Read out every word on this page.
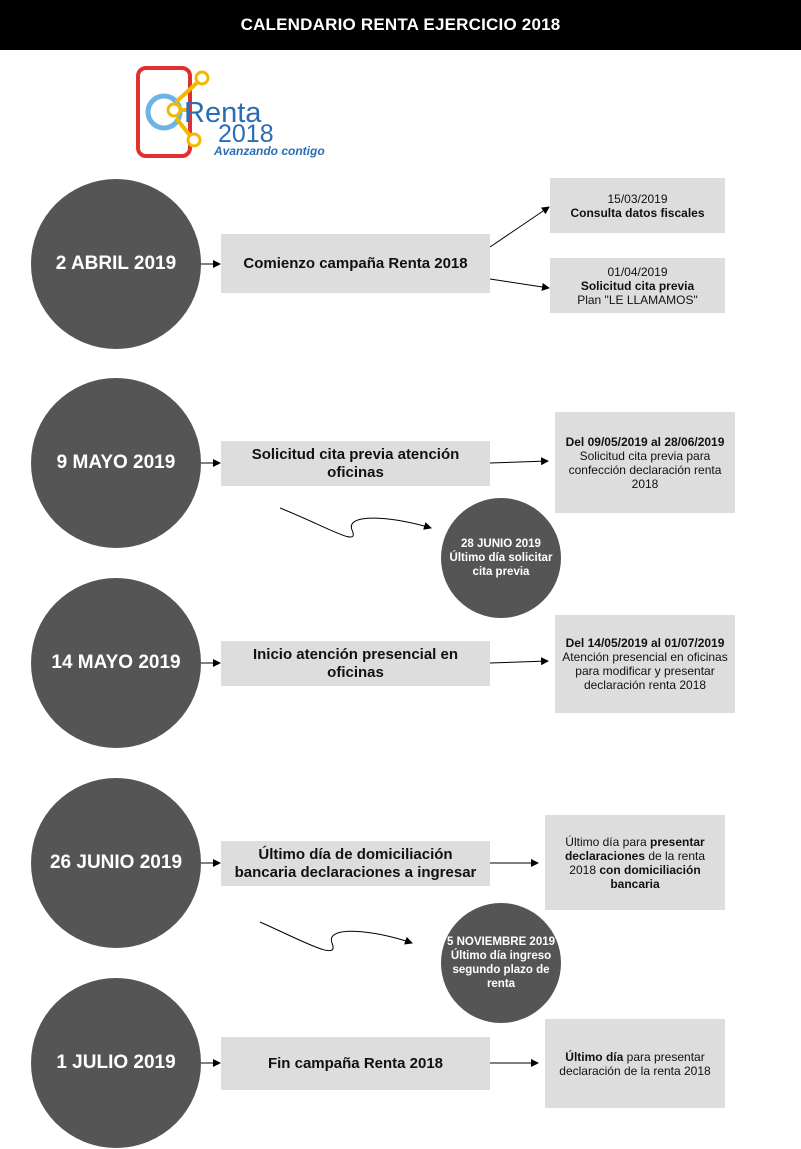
CALENDARIO RENTA EJERCICIO 2018
Renta
2018
Avanzando contigo
2 ABRIL 2019
9 MAYO 2019
14 MAYO 2019
26 JUNIO 2019
1 JULIO 2019
Comienzo campaña Renta 2018
Solicitud cita previa atención oficinas
Inicio atención presencial en oficinas
Último día de domiciliación bancaria declaraciones a ingresar
Fin campaña Renta 2018
15/03/2019
Consulta datos fiscales
01/04/2019
Solicitud cita previa
Plan "LE LLAMAMOS"
Del 09/05/2019 al 28/06/2019
Solicitud cita previa para confección declaración renta 2018
Del 14/05/2019 al 01/07/2019
Atención presencial en oficinas para modificar y presentar declaración renta 2018
Último día para presentar declaraciones de la renta 2018 con domiciliación bancaria
Último día para presentar declaración de la renta 2018
28 JUNIO 2019
Último día solicitar cita previa
5 NOVIEMBRE 2019
Último día ingreso segundo plazo de renta
